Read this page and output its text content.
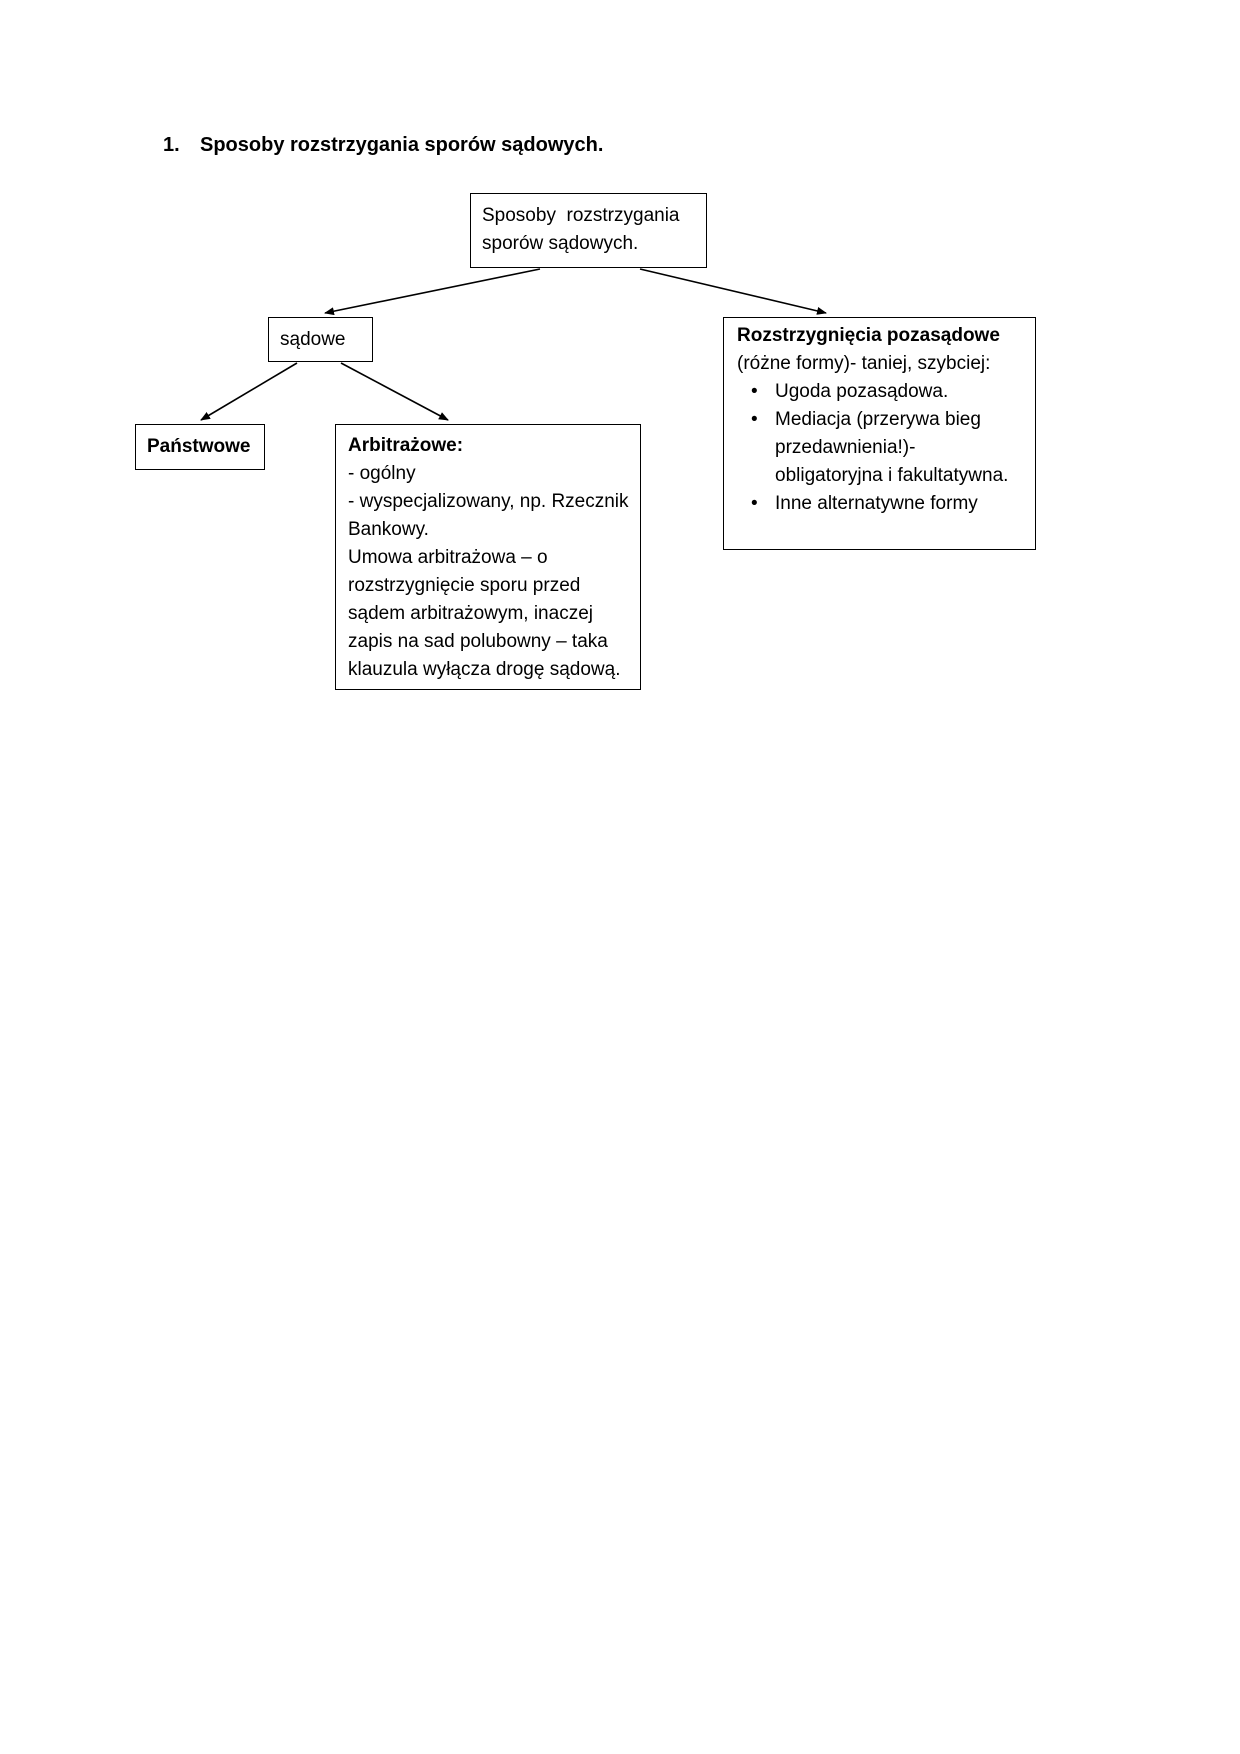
1.	Sposoby rozstrzygania sporów sądowych.
Sposoby  rozstrzygania sporów sądowych.
sądowe
Państwowe	Arbitrażowe:
- ogólny
- wyspecjalizowany, np. Rzecznik Bankowy.
Umowa arbitrażowa – o rozstrzygnięcie sporu przed sądem arbitrażowym, inaczej zapis na sad polubowny – taka klauzula wyłącza drogę sądową.
Rozstrzygnięcia pozasądowe
(różne formy)- taniej, szybciej:
• Ugoda pozasądowa.
• Mediacja (przerywa bieg przedawnienia!)- obligatoryjna i fakultatywna.
• Inne alternatywne formy
